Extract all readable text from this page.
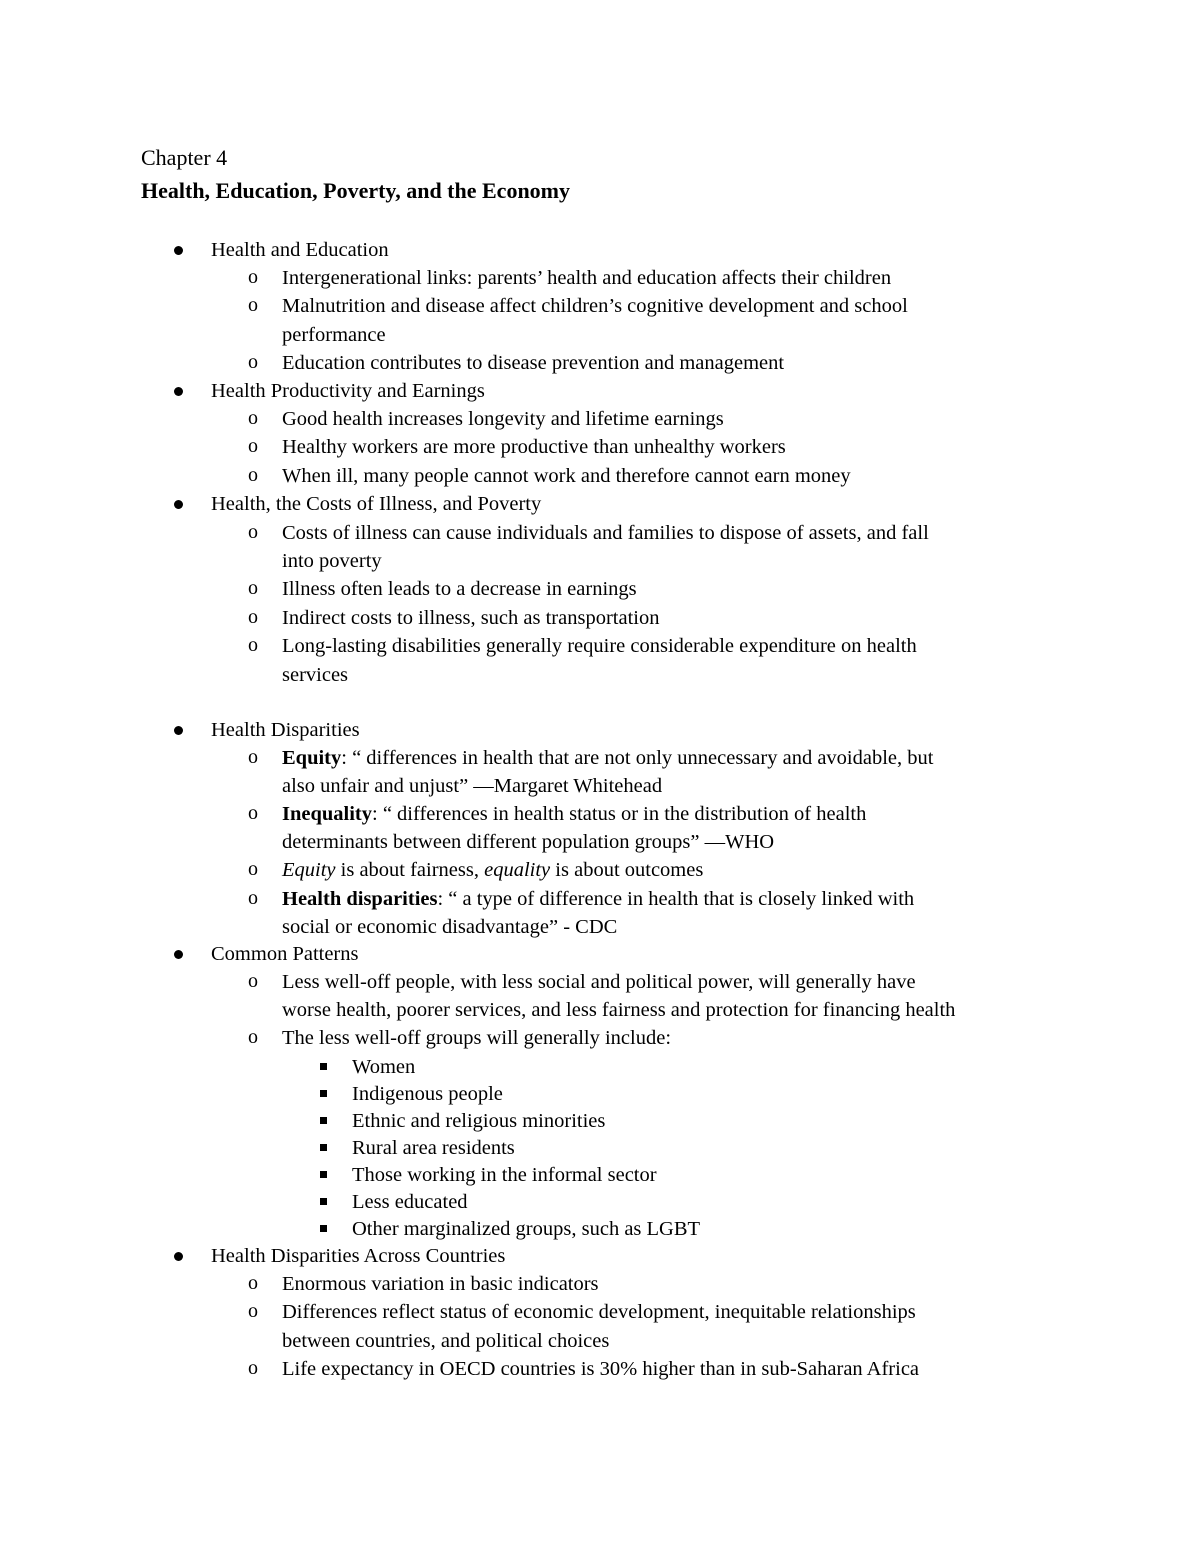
Chapter 4
Health, Education, Poverty, and the Economy
Health and Education
o Intergenerational links: parents’ health and education affects their children
o Malnutrition and disease affect children’s cognitive development and school
performance
o Education contributes to disease prevention and management
Health Productivity and Earnings
o Good health increases longevity and lifetime earnings
o Healthy workers are more productive than unhealthy workers
o When ill, many people cannot work and therefore cannot earn money
Health, the Costs of Illness, and Poverty
o Costs of illness can cause individuals and families to dispose of assets, and fall
into poverty
o Illness often leads to a decrease in earnings
o Indirect costs to illness, such as transportation
o Long-lasting disabilities generally require considerable expenditure on health
services
Health Disparities
o Equity: “ differences in health that are not only unnecessary and avoidable, but
also unfair and unjust” —Margaret Whitehead
o Inequality: “ differences in health status or in the distribution of health
determinants between different population groups” —WHO
o Equity is about fairness, equality is about outcomes
o Health disparities: “ a type of difference in health that is closely linked with
social or economic disadvantage” - CDC
Common Patterns
o Less well-off people, with less social and political power, will generally have
worse health, poorer services, and less fairness and protection for financing health
o The less well-off groups will generally include:
Women
Indigenous people
Ethnic and religious minorities
Rural area residents
Those working in the informal sector
Less educated
Other marginalized groups, such as LGBT
Health Disparities Across Countries
o Enormous variation in basic indicators
o Differences reflect status of economic development, inequitable relationships
between countries, and political choices
o Life expectancy in OECD countries is 30% higher than in sub-Saharan Africa
